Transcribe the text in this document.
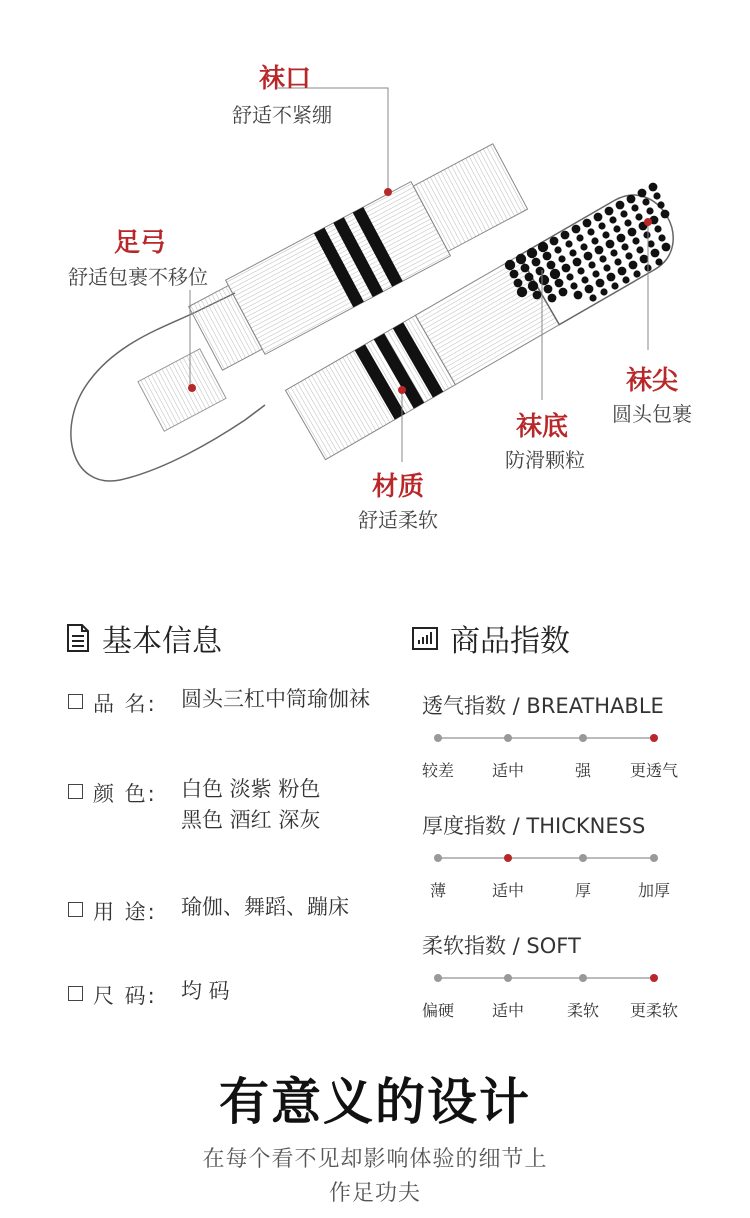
袜口
舒适不紧绷
足弓
舒适包裹不移位
袜尖
圆头包裹
袜底
防滑颗粒
材质
舒适柔软
基本信息
品 名:	圆头三杠中筒瑜伽袜
颜 色:	白色 淡紫 粉色
黑色 酒红 深灰
用 途:	瑜伽、舞蹈、蹦床
尺 码:	均 码
商品指数
透气指数 / BREATHABLE
较差 适中	强 更透气
厚度指数 / THICKNESS
薄	适中	厚	加厚
柔软指数 / SOFT
偏硬 适中	柔软 更柔软
有意义的设计
在每个看不见却影响体验的细节上
作足功夫
